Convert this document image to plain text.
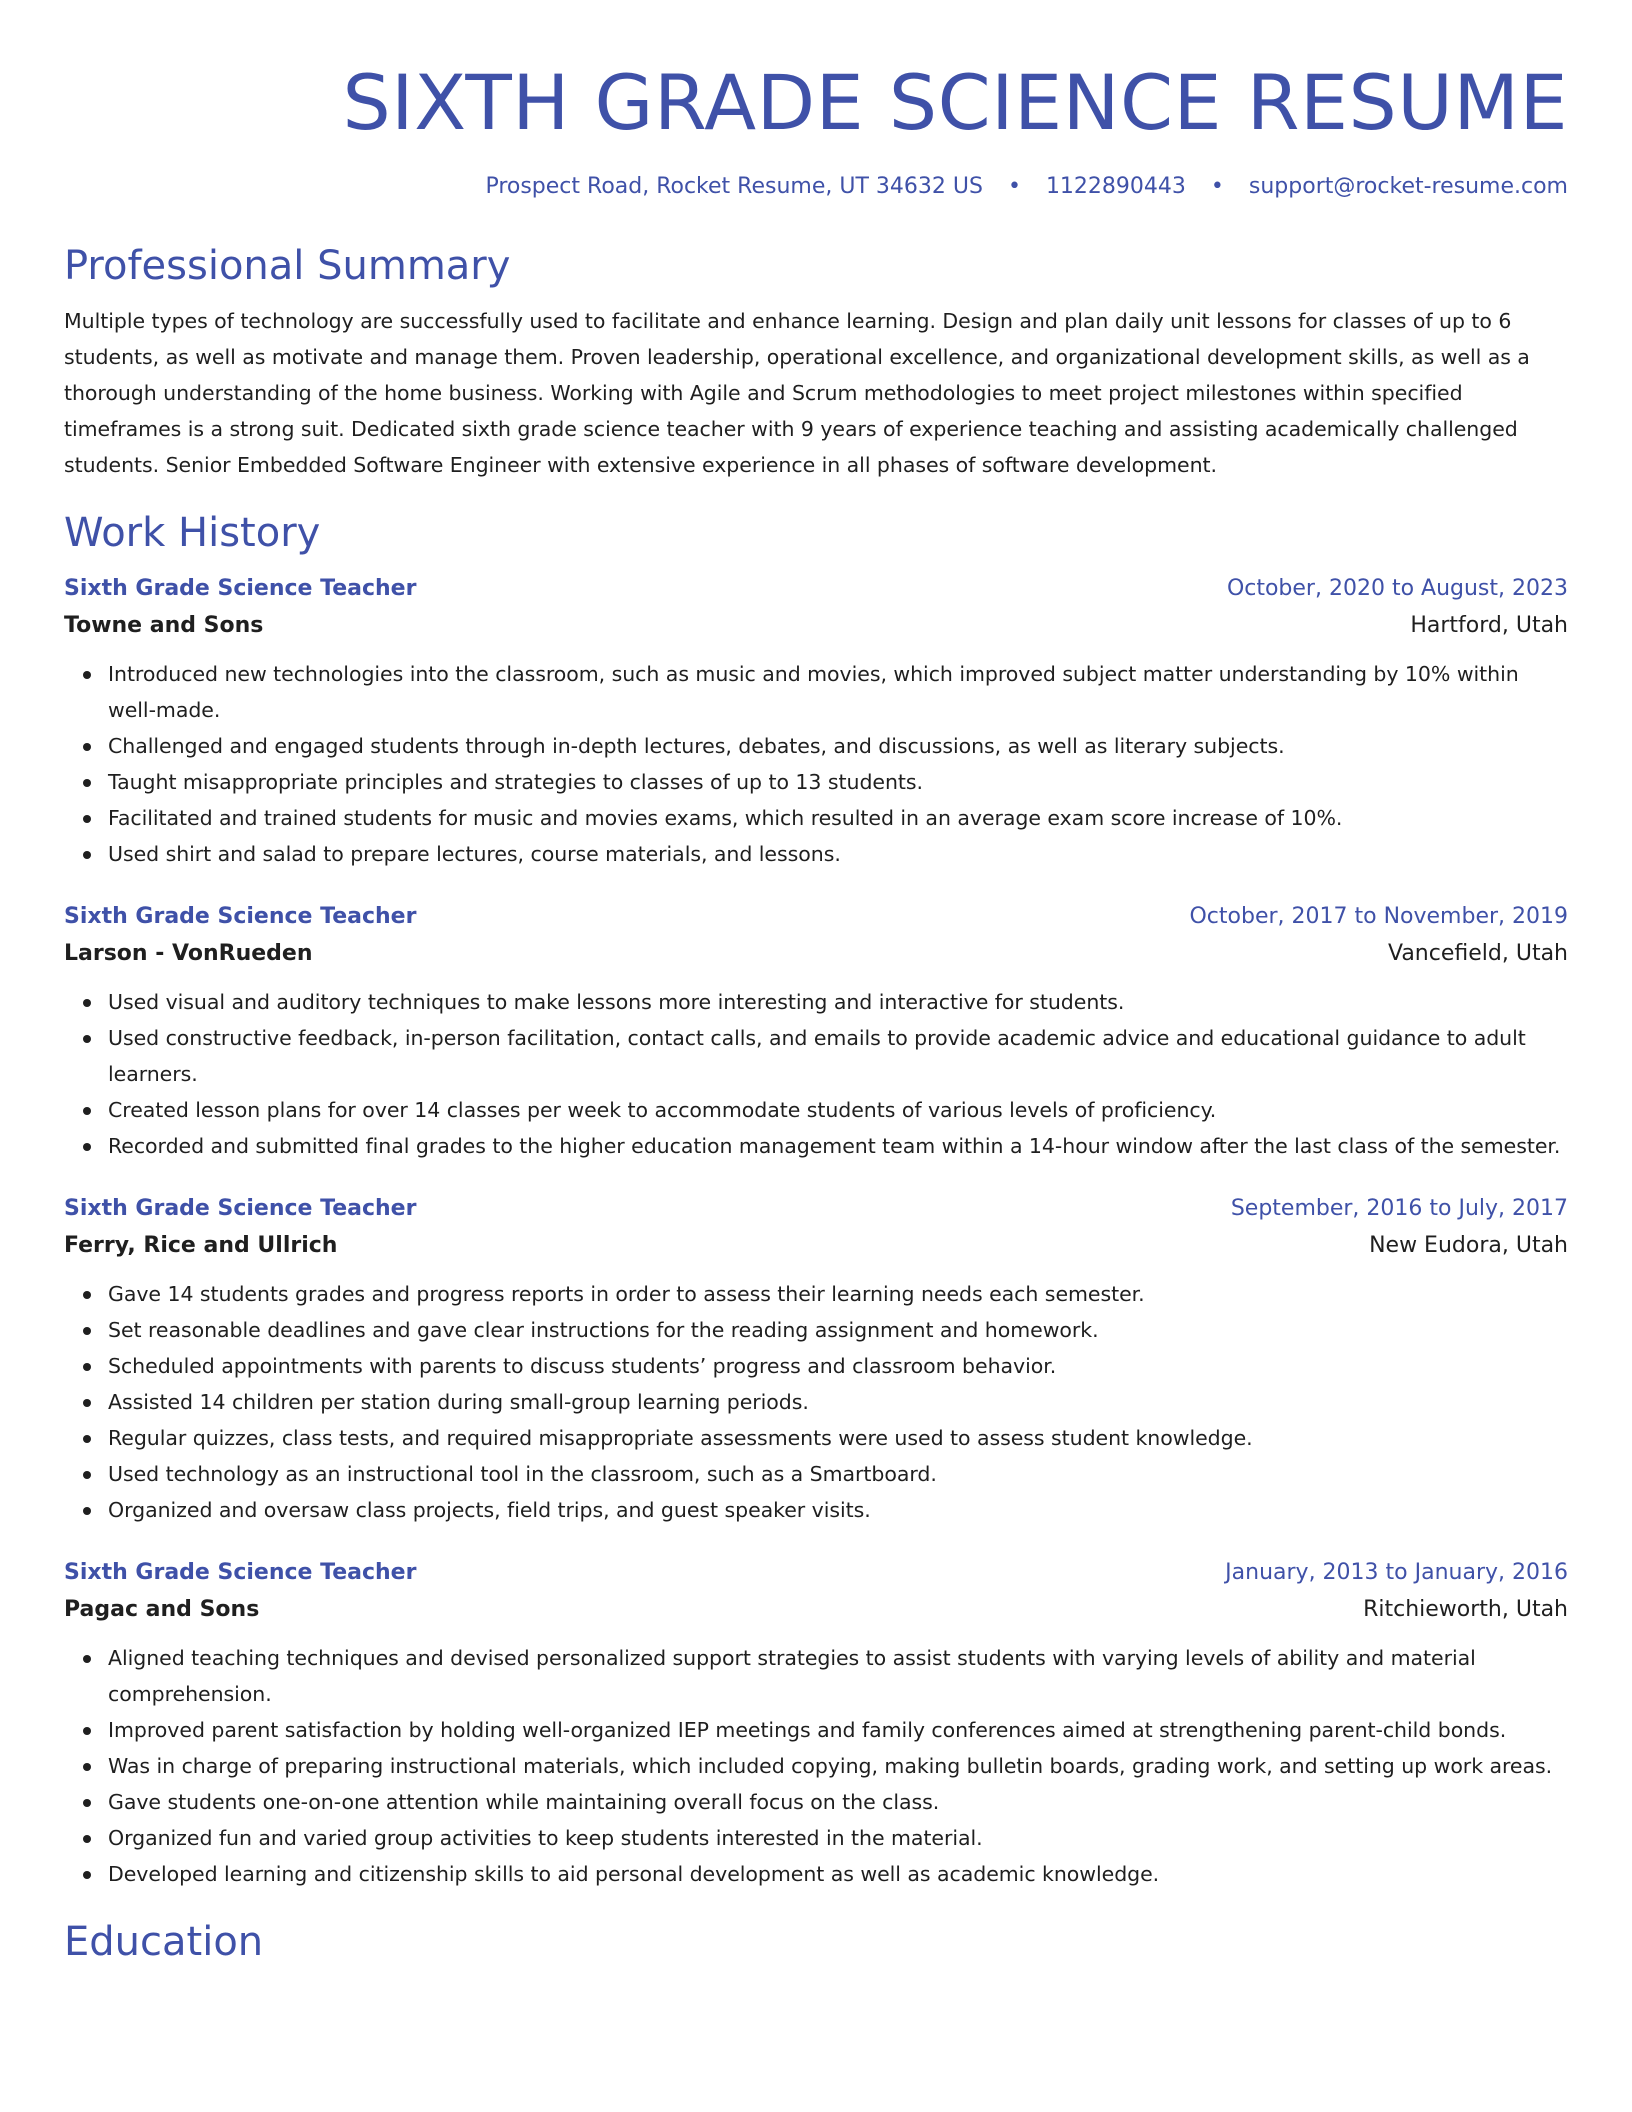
SIXTH GRADE SCIENCE RESUME
Prospect Road, Rocket Resume, UT 34632 US • 1122890443 • support@rocket-resume.com
Professional Summary
Multiple types of technology are successfully used to facilitate and enhance learning. Design and plan daily unit lessons for classes of up to 6 students, as well as motivate and manage them. Proven leadership, operational excellence, and organizational development skills, as well as a thorough understanding of the home business. Working with Agile and Scrum methodologies to meet project milestones within specified timeframes is a strong suit. Dedicated sixth grade science teacher with 9 years of experience teaching and assisting academically challenged students. Senior Embedded Software Engineer with extensive experience in all phases of software development.
Work History
Sixth Grade Science Teacher	October, 2020 to August, 2023
Towne and Sons	Hartford, Utah
Introduced new technologies into the classroom, such as music and movies, which improved subject matter understanding by 10% within well-made.
Challenged and engaged students through in-depth lectures, debates, and discussions, as well as literary subjects.
Taught misappropriate principles and strategies to classes of up to 13 students.
Facilitated and trained students for music and movies exams, which resulted in an average exam score increase of 10%.
Used shirt and salad to prepare lectures, course materials, and lessons.
Sixth Grade Science Teacher	October, 2017 to November, 2019
Larson - VonRueden	Vancefield, Utah
Used visual and auditory techniques to make lessons more interesting and interactive for students.
Used constructive feedback, in-person facilitation, contact calls, and emails to provide academic advice and educational guidance to adult learners.
Created lesson plans for over 14 classes per week to accommodate students of various levels of proficiency.
Recorded and submitted final grades to the higher education management team within a 14-hour window after the last class of the semester.
Sixth Grade Science Teacher	September, 2016 to July, 2017
Ferry, Rice and Ullrich	New Eudora, Utah
Gave 14 students grades and progress reports in order to assess their learning needs each semester.
Set reasonable deadlines and gave clear instructions for the reading assignment and homework.
Scheduled appointments with parents to discuss students’ progress and classroom behavior.
Assisted 14 children per station during small-group learning periods.
Regular quizzes, class tests, and required misappropriate assessments were used to assess student knowledge.
Used technology as an instructional tool in the classroom, such as a Smartboard.
Organized and oversaw class projects, field trips, and guest speaker visits.
Sixth Grade Science Teacher	January, 2013 to January, 2016
Pagac and Sons	Ritchieworth, Utah
Aligned teaching techniques and devised personalized support strategies to assist students with varying levels of ability and material comprehension.
Improved parent satisfaction by holding well-organized IEP meetings and family conferences aimed at strengthening parent-child bonds.
Was in charge of preparing instructional materials, which included copying, making bulletin boards, grading work, and setting up work areas.
Gave students one-on-one attention while maintaining overall focus on the class.
Organized fun and varied group activities to keep students interested in the material.
Developed learning and citizenship skills to aid personal development as well as academic knowledge.
Education
